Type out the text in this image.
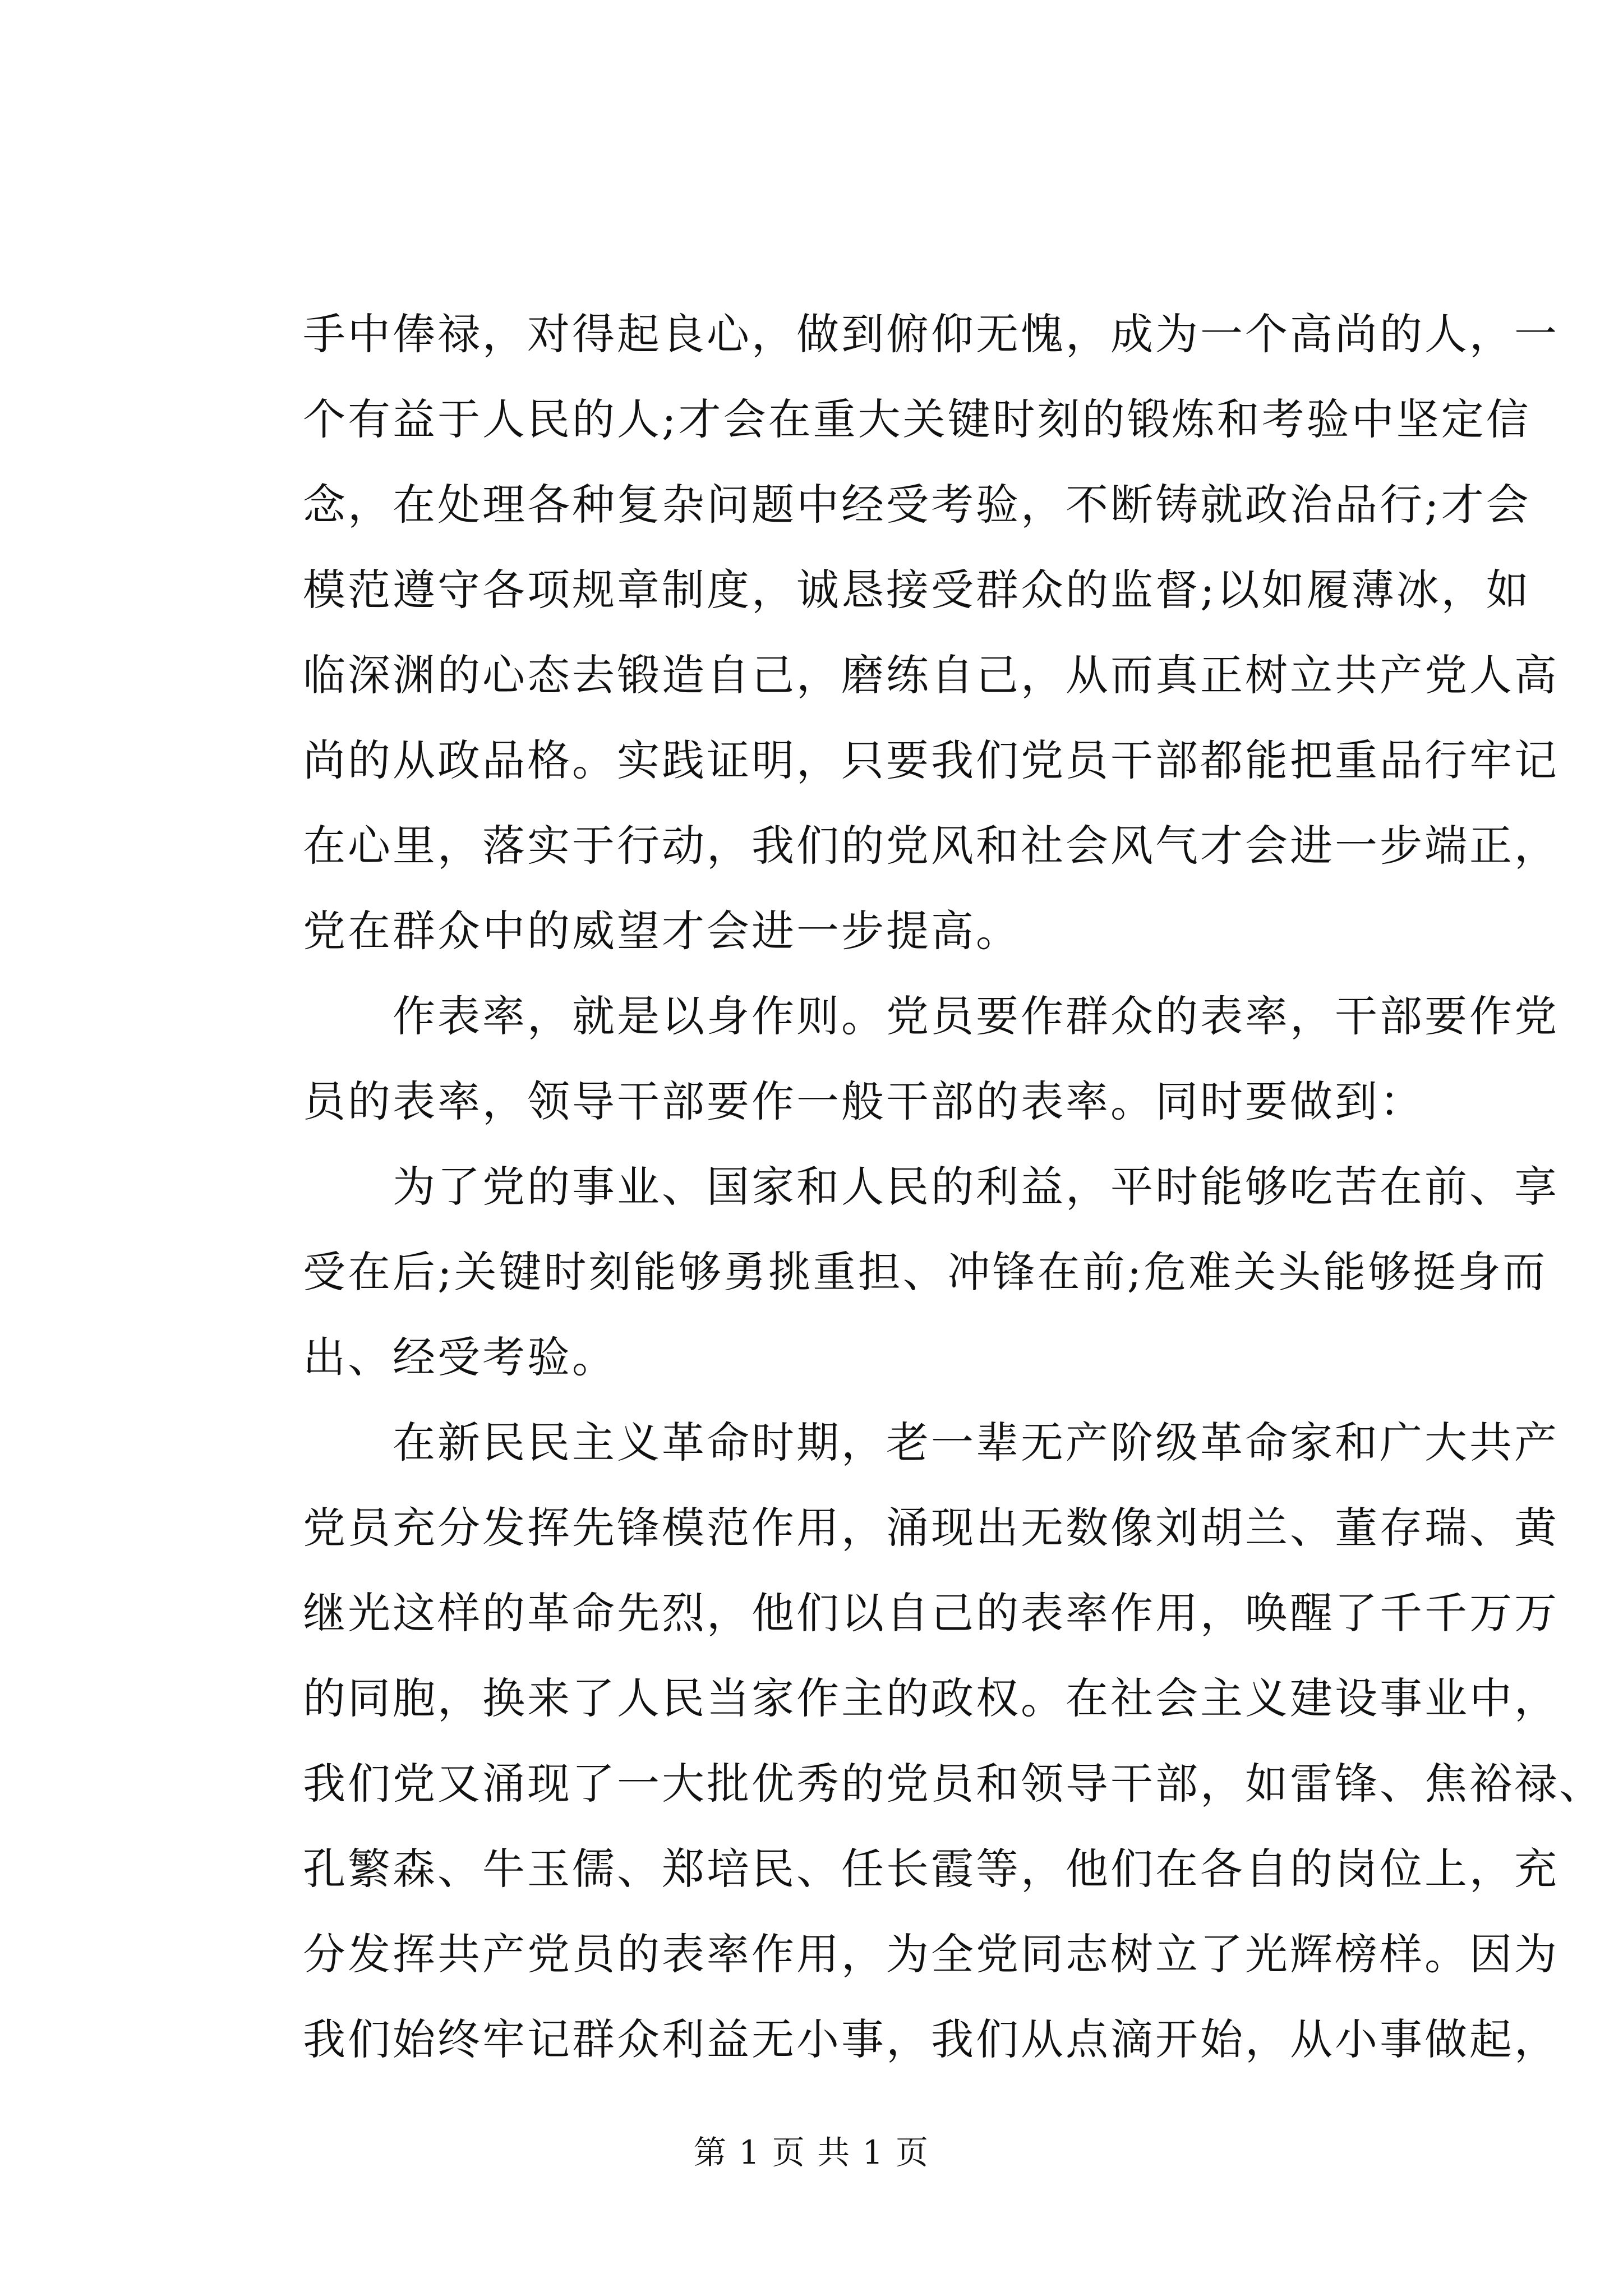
手中俸禄，对得起良心，做到俯仰无愧，成为一个高尚的人，一
个有益于人民的人;才会在重大关键时刻的锻炼和考验中坚定信
念，在处理各种复杂问题中经受考验，不断铸就政治品行;才会
模范遵守各项规章制度，诚恳接受群众的监督;以如履薄冰，如
临深渊的心态去锻造自己，磨练自己，从而真正树立共产党人高
尚的从政品格。实践证明，只要我们党员干部都能把重品行牢记
在心里，落实于行动，我们的党风和社会风气才会进一步端正，
党在群众中的威望才会进一步提高。
作表率，就是以身作则。党员要作群众的表率，干部要作党
员的表率，领导干部要作一般干部的表率。同时要做到：
为了党的事业、国家和人民的利益，平时能够吃苦在前、享
受在后;关键时刻能够勇挑重担、冲锋在前;危难关头能够挺身而
出、经受考验。
在新民民主义革命时期，老一辈无产阶级革命家和广大共产
党员充分发挥先锋模范作用，涌现出无数像刘胡兰、董存瑞、黄
继光这样的革命先烈，他们以自己的表率作用，唤醒了千千万万
的同胞，换来了人民当家作主的政权。在社会主义建设事业中，
我们党又涌现了一大批优秀的党员和领导干部，如雷锋、焦裕禄、
孔繁森、牛玉儒、郑培民、任长霞等，他们在各自的岗位上，充
分发挥共产党员的表率作用，为全党同志树立了光辉榜样。因为
我们始终牢记群众利益无小事，我们从点滴开始，从小事做起，
第 1 页 共 1 页
